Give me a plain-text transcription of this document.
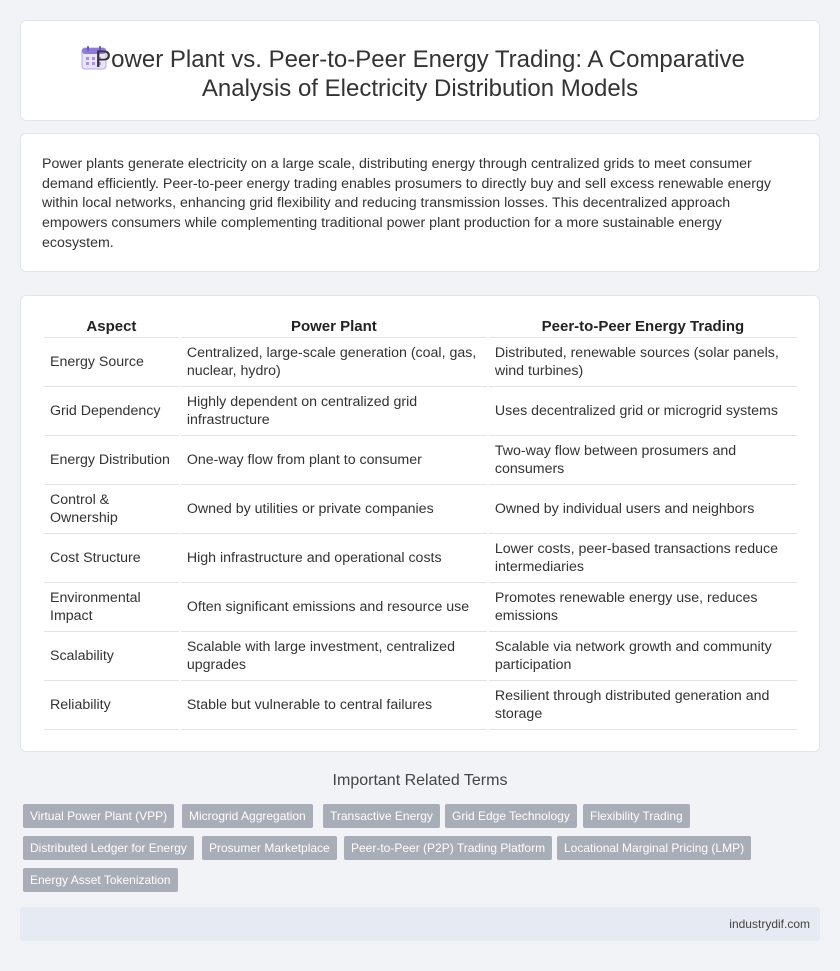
Power Plant vs. Peer-to-Peer Energy Trading: A Comparative
Analysis of Electricity Distribution Models

Power plants generate electricity on a large scale, distributing energy through centralized grids to meet consumer demand efficiently. Peer-to-peer energy trading enables prosumers to directly buy and sell excess renewable energy within local networks, enhancing grid flexibility and reducing transmission losses. This decentralized approach empowers consumers while complementing traditional power plant production for a more sustainable energy ecosystem.

Aspect	Power Plant	Peer-to-Peer Energy Trading
Energy Source	Centralized, large-scale generation (coal, gas, nuclear, hydro)	Distributed, renewable sources (solar panels, wind turbines)
Grid Dependency	Highly dependent on centralized grid infrastructure	Uses decentralized grid or microgrid systems
Energy Distribution	One-way flow from plant to consumer	Two-way flow between prosumers and consumers
Control & Ownership	Owned by utilities or private companies	Owned by individual users and neighbors
Cost Structure	High infrastructure and operational costs	Lower costs, peer-based transactions reduce intermediaries
Environmental Impact	Often significant emissions and resource use	Promotes renewable energy use, reduces emissions
Scalability	Scalable with large investment, centralized upgrades	Scalable via network growth and community participation
Reliability	Stable but vulnerable to central failures	Resilient through distributed generation and storage
Important Related Terms
Virtual Power Plant (VPP)	Microgrid Aggregation	Transactive Energy	Grid Edge Technology	Flexibility Trading
Distributed Ledger for Energy	Prosumer Marketplace	Peer-to-Peer (P2P) Trading Platform	Locational Marginal Pricing (LMP)
Energy Asset Tokenization
industrydif.com
